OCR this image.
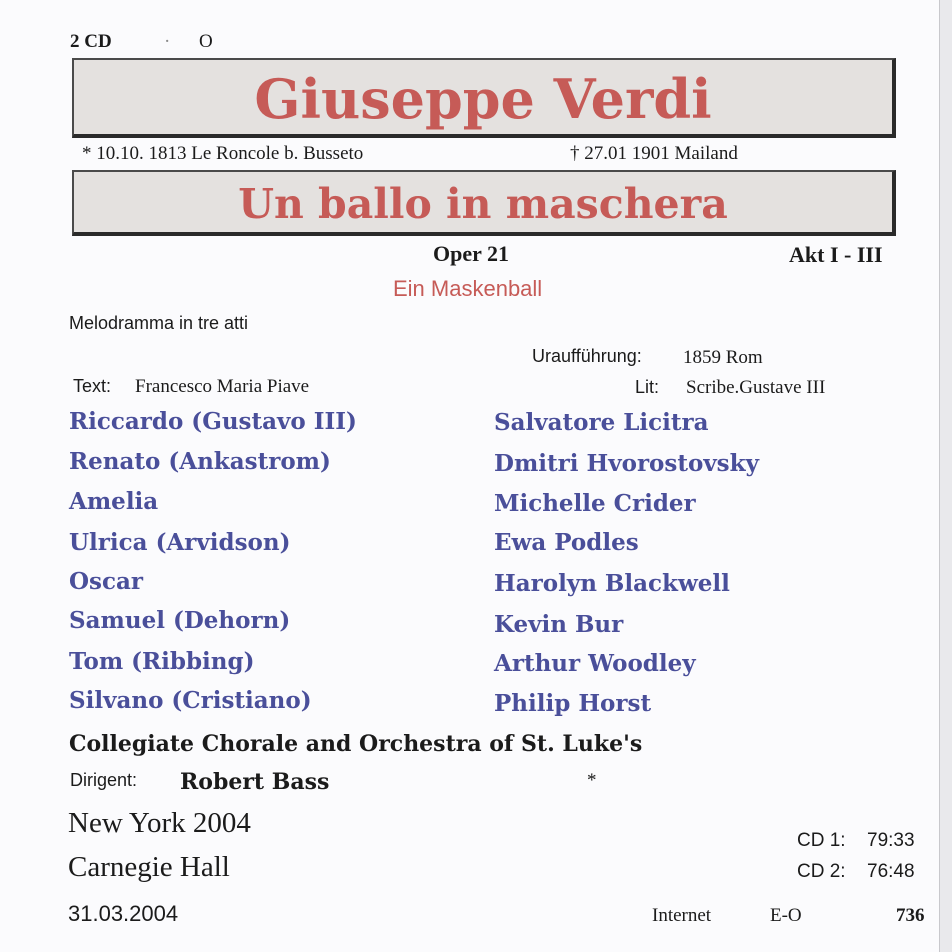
2 CD	· O
Giuseppe Verdi
* 10.10. 1813 Le Roncole b. Busseto	† 27.01 1901 Mailand
Un ballo in maschera
Oper 21	Akt I - III
Ein Maskenball
Melodramma in tre atti
Uraufführung: 1859 Rom
Text: Francesco Maria Piave	Lit: Scribe.Gustave III
Riccardo (Gustavo III)	Salvatore Licitra
Renato (Ankastrom)	Dmitri Hvorostovsky
Amelia	Michelle Crider
Ulrica (Arvidson)	Ewa Podles
Oscar	Harolyn Blackwell
Samuel (Dehorn)	Kevin Bur
Tom (Ribbing)	Arthur Woodley
Silvano (Cristiano)	Philip Horst
Collegiate Chorale and Orchestra of St. Luke's
Dirigent: Robert Bass	*
New York 2004
Carnegie Hall
31.03.2004
CD 1: 79:33
CD 2: 76:48
Internet	E-O	736
